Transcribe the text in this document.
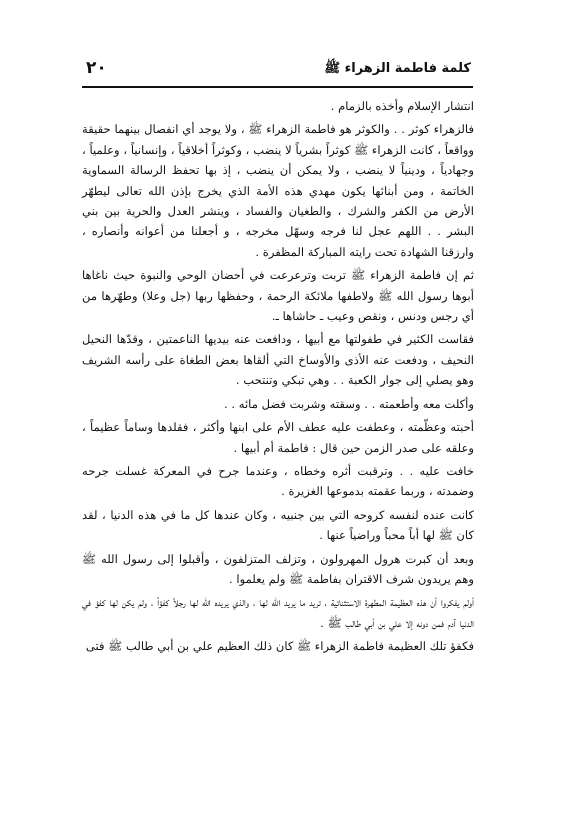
٢٠	كلمة فاطمة الزهراء ﷺ

انتشار الإسلام وأخذه بالزمام .

فالزهراء كوثر . . والكوثر هو فاطمة الزهراء ﷺ ، ولا يوجد أي انفصال بينهما حقيقة وواقعاً ، كانت الزهراء ﷺ كوثراً بشرياً لا ينضب ، وكوثراً أخلاقياً ، وإنسانياً ، وعلمياً ، وجهادياً ، ودينياً لا ينضب ، ولا يمكن أن ينضب ، إذ بها تحفظ الرسالة السماوية الخاتمة ، ومن أبنائها يكون مهدي هذه الأمة الذي يخرج بإذن الله تعالى ليطهّر الأرض من الكفر والشرك ، والطغيان والفساد ، وينشر العدل والحرية بين بني البشر . . اللهم عجل لنا فرجه وسهّل مخرجه ، و أجعلنا من أعوانه وأنصاره ، وارزقنا الشهادة تحت رايته المباركة المظفرة .

ثم إن فاطمة الزهراء ﷺ تربت وترعرعت في أحضان الوحي والنبوة حيث ناغاها أبوها رسول الله ﷺ ولاطفها ملائكة الرحمة ، وحفظها ربها (جل وعلا) وطهّرها من أي رجس ودنس ، ونقص وعيب ـ حاشاها ـ.

فقاست الكثير في طفولتها مع أبيها ، ودافعت عنه بيديها الناعمتين ، وقدّها النحيل النحيف ، ودفعت عنه الأذى والأوساخ التي ألقاها بعض الطغاة على رأسه الشريف وهو يصلي إلى جوار الكعبة . . وهي تبكي وتنتحب .

وأكلت معه وأطعمته . . وسقته وشربت فضل مائه . .

أحبته وعظّمته ، وعطفت عليه عطف الأم على ابنها وأكثر ، فقلدها وساماً عظيماً ، وعلقه على صدر الزمن حين قال : فاطمة أم أبيها .

خافت عليه . . وترقبت أثره وخطاه ، وعندما جرح في المعركة غسلت جرحه وضمدته ، وربما عقمته بدموعها الغزيرة .

كانت عنده لنفسه كروحه التي بين جنبيه ، وكان عندها كل ما في هذه الدنيا ، لقد كان ﷺ لها أباً محباً وراضياً عنها .

وبعد أن كبرت هرول المهرولون ، وتزلف المتزلفون ، وأقبلوا إلى رسول الله ﷺ وهم يريدون شرف الاقتران بفاطمة ﷺ ولم يعلموا .

أولم يفكروا أن هذه العظيمة المطهرة الاستثنائية ، تريد ما يريد الله لها ، والذي يريده الله لها رجلاً كفؤاً ، ولم يكن لها كفؤ في الدنيا آدم فمن دونه إلا علي بن أبي طالب ﷺ .

فكفؤ تلك العظيمة فاطمة الزهراء ﷺ كان ذلك العظيم علي بن أبي طالب ﷺ فتى
